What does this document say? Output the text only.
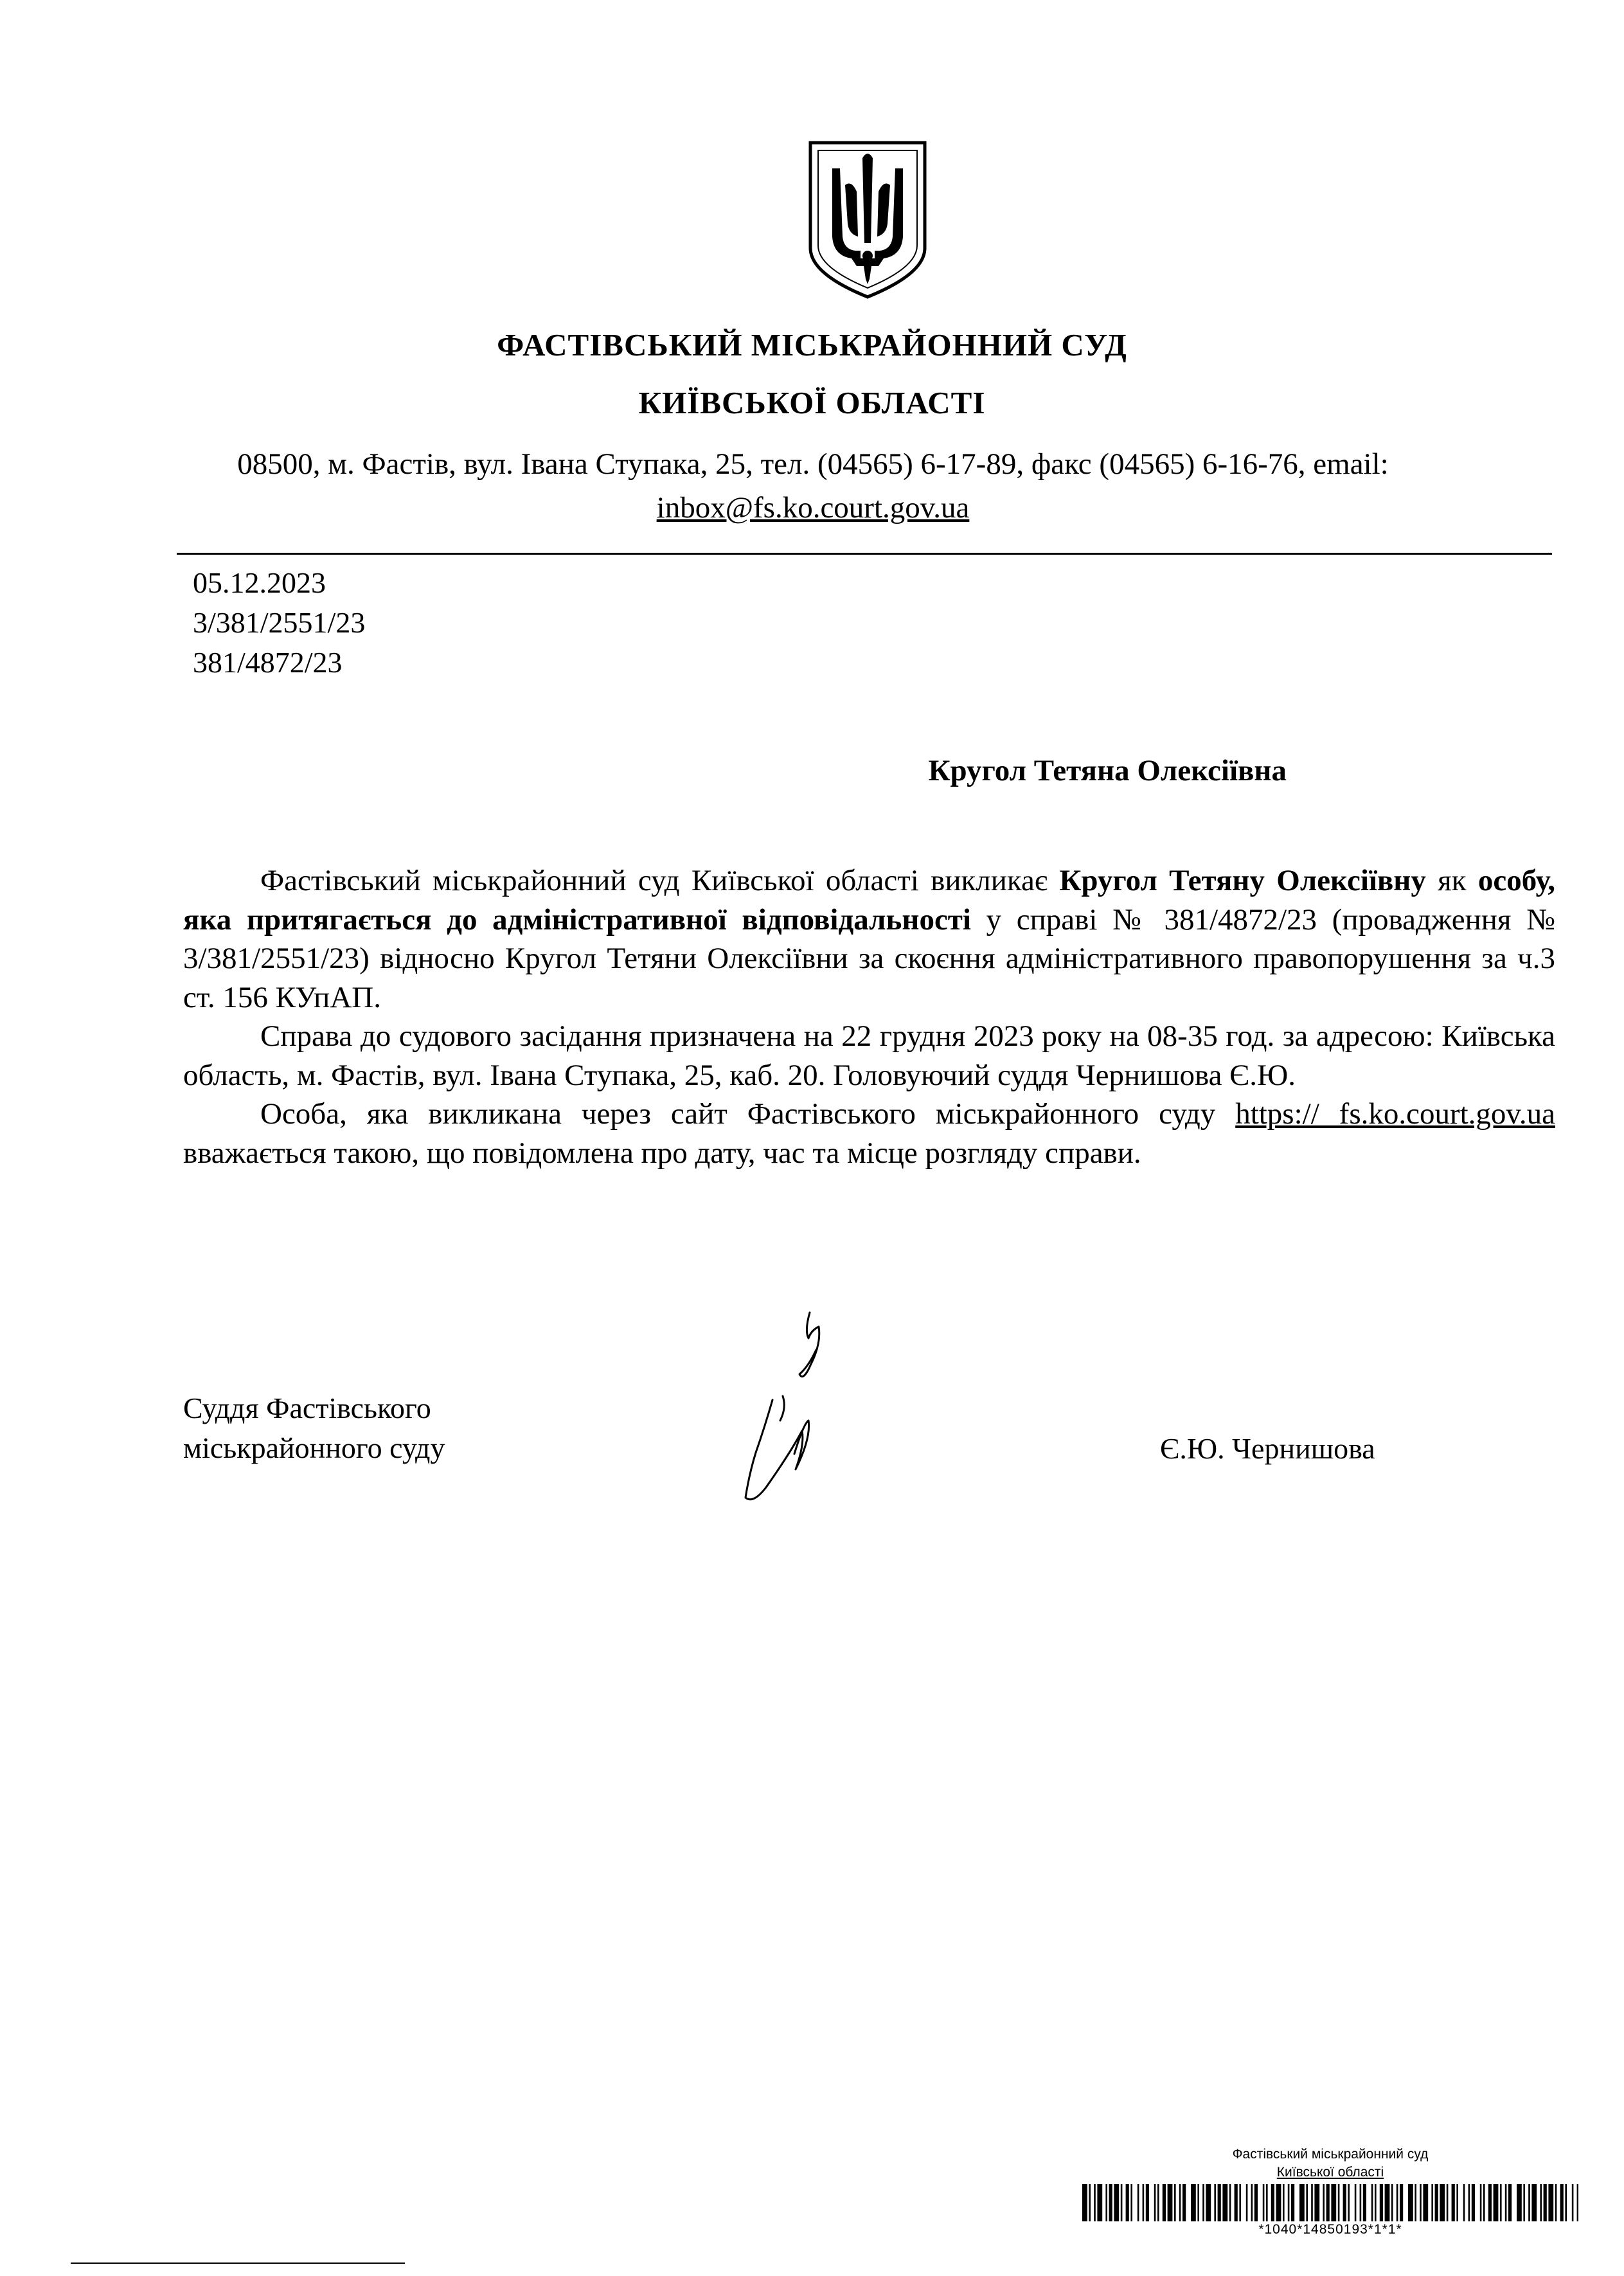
ФАСТІВСЬКИЙ МІСЬКРАЙОННИЙ СУД
КИЇВСЬКОЇ ОБЛАСТІ
08500, м. Фастів, вул. Івана Ступака, 25, тел. (04565) 6-17-89, факс (04565) 6-16-76, email:
inbox@fs.ko.court.gov.ua
05.12.2023
3/381/2551/23
381/4872/23
Кругол Тетяна Олексіївна

Фастівський міськрайонний суд Київської області викликає Кругол Тетяну Олексіївну як особу, яка притягається до адміністративної відповідальності у справі № 381/4872/23 (провадження № 3/381/2551/23) відносно Кругол Тетяни Олексіївни за скоєння адміністративного правопорушення за ч.3 ст. 156 КУпАП.

Справа до судового засідання призначена на 22 грудня 2023 року на 08-35 год. за адресою: Київська область, м. Фастів, вул. Івана Ступака, 25, каб. 20. Головуючий суддя Чернишова Є.Ю.

Особа, яка викликана через сайт Фастівського міськрайонного суду https:// fs.ko.court.gov.ua вважається такою, що повідомлена про дату, час та місце розгляду справи.

Суддя Фастівського
міськрайонного суду	Є.Ю. Чернишова
Фастівський міськрайонний суд
Київської області
*1040*14850193*1*1*
